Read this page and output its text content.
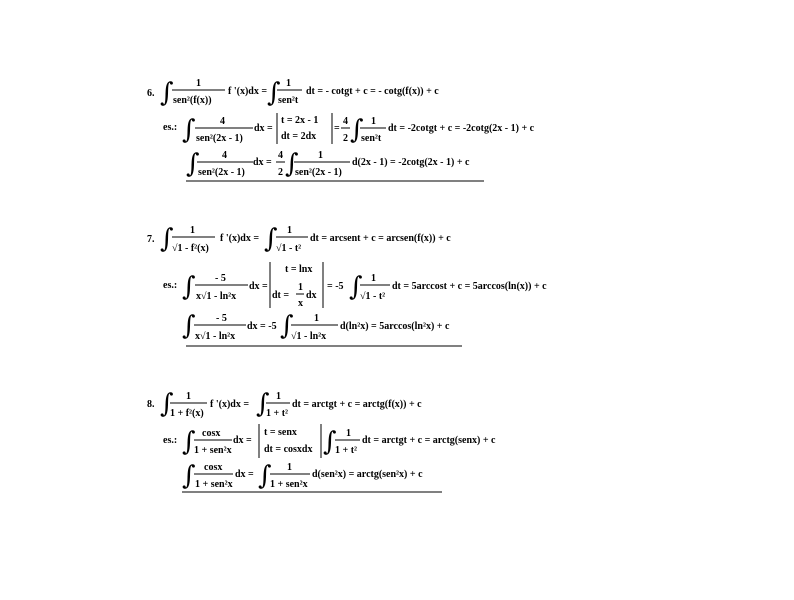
6. ∫ 1
sen²(f(x))
f '(x)dx = ∫ 1
sen²t
dt = - cotgt + c = - cotg(f(x)) + c
es.: ∫ 4
sen²(2x - 1)
dx =
t = 2x - 1
dt = 2dx
=
4
2 ∫ 1
sen²t
dt = -2cotgt + c = -2cotg(2x - 1) + c
∫ 4
sen²(2x - 1)
dx =
4
2 ∫ 1
sen²(2x - 1)
d(2x - 1) = -2cotg(2x - 1) + c
7. ∫ 1
√1 - f²(x)
f '(x)dx = ∫ 1
√1 - t²
dt = arcsent + c = arcsen(f(x)) + c
es.: ∫ - 5
x√1 - ln²x
dx =
t = lnx
dt =
1
x
dx
= -5 ∫ 1
√1 - t²
dt = 5arccost + c = 5arccos(ln(x)) + c
∫ - 5
x√1 - ln²x
dx = -5 ∫ 1
√1 - ln²x
d(ln²x) = 5arccos(ln²x) + c
8. ∫ 1
1 + f²(x)
f '(x)dx = ∫ 1
1 + t²
dt = arctgt + c = arctg(f(x)) + c
es.: ∫ cosx
1 + sen²x
dx =
t = senx
dt = cosxdx ∫ 1
1 + t²
dt = arctgt + c = arctg(senx) + c
∫ cosx
1 + sen²x
dx = ∫ 1
1 + sen²x
d(sen²x) = arctg(sen²x) + c
